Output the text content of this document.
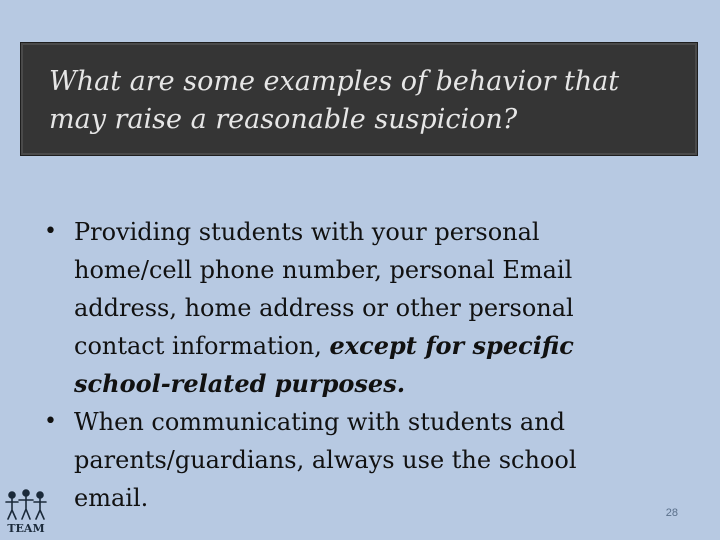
What are some examples of behavior that may raise a reasonable suspicion?
• Providing students with your personal home/cell phone number, personal Email address, home address or other personal contact information, except for specific school-related purposes.
• When communicating with students and parents/guardians, always use the school email.
TEAM
28
